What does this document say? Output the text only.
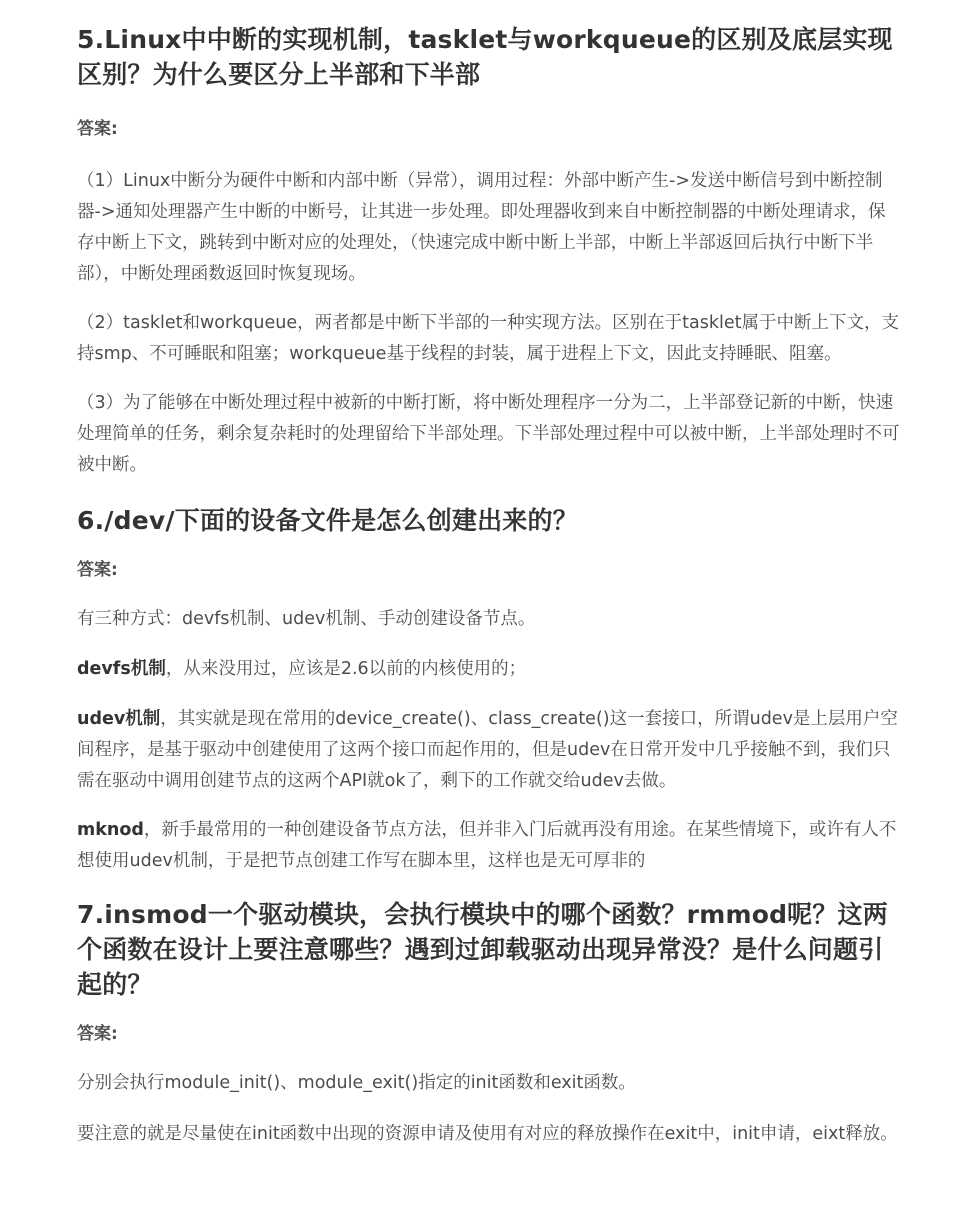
5.Linux中中断的实现机制，tasklet与workqueue的区别及底层实现区别？为什么要区分上半部和下半部
答案:

（1）Linux中断分为硬件中断和内部中断（异常），调用过程：外部中断产生->发送中断信号到中断控制器->通知处理器产生中断的中断号，让其进一步处理。即处理器收到来自中断控制器的中断处理请求，保存中断上下文，跳转到中断对应的处理处，（快速完成中断中断上半部，中断上半部返回后执行中断下半部），中断处理函数返回时恢复现场。

（2）tasklet和workqueue，两者都是中断下半部的一种实现方法。区别在于tasklet属于中断上下文，支持smp、不可睡眠和阻塞；workqueue基于线程的封装，属于进程上下文，因此支持睡眠、阻塞。

（3）为了能够在中断处理过程中被新的中断打断，将中断处理程序一分为二，上半部登记新的中断，快速处理简单的任务，剩余复杂耗时的处理留给下半部处理。下半部处理过程中可以被中断，上半部处理时不可被中断。

6./dev/下面的设备文件是怎么创建出来的？
答案:

有三种方式：devfs机制、udev机制、手动创建设备节点。

devfs机制，从来没用过，应该是2.6以前的内核使用的；

udev机制，其实就是现在常用的device_create()、class_create()这一套接口，所谓udev是上层用户空间程序，是基于驱动中创建使用了这两个接口而起作用的，但是udev在日常开发中几乎接触不到，我们只需在驱动中调用创建节点的这两个API就ok了，剩下的工作就交给udev去做。

mknod，新手最常用的一种创建设备节点方法，但并非入门后就再没有用途。在某些情境下，或许有人不想使用udev机制，于是把节点创建工作写在脚本里，这样也是无可厚非的

7.insmod一个驱动模块，会执行模块中的哪个函数？rmmod呢？这两个函数在设计上要注意哪些？遇到过卸载驱动出现异常没？是什么问题引起的？
答案:

分别会执行module_init()、module_exit()指定的init函数和exit函数。

要注意的就是尽量使在init函数中出现的资源申请及使用有对应的释放操作在exit中，init申请，eixt释放。
